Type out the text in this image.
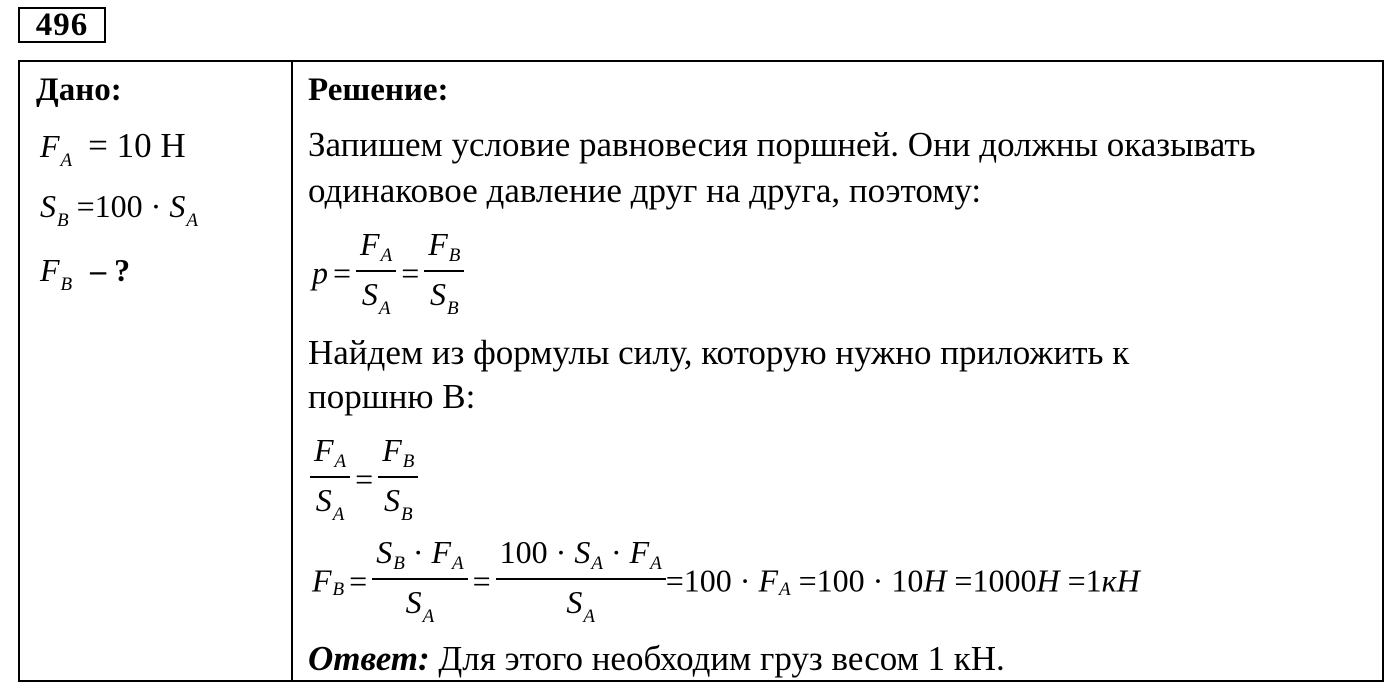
496
Дано:
$F_A = 10$ Н
$S_B =100 \cdot S_A$
$F_B$ – ?
Решение:
Запишем условие равновесия поршней. Они должны оказывать
одинаковое давление друг на друга, поэтому:
$p = \frac{FA}{S_A} = \frac{FB}{S_B}$
Найдем из формулы силу, которую нужно приложить к
поршню В:
$\frac{FA}{S_A} = \frac{FB}{S_B}$
$F_B = \frac{SB \cdot FA}{S_A} = \frac{100 \cdot SA \cdot FA}{S_A} =100 \cdot F_A =100 \cdot 10H =1000H =1кH$
Ответ: Для этого необходим груз весом 1 кН.
